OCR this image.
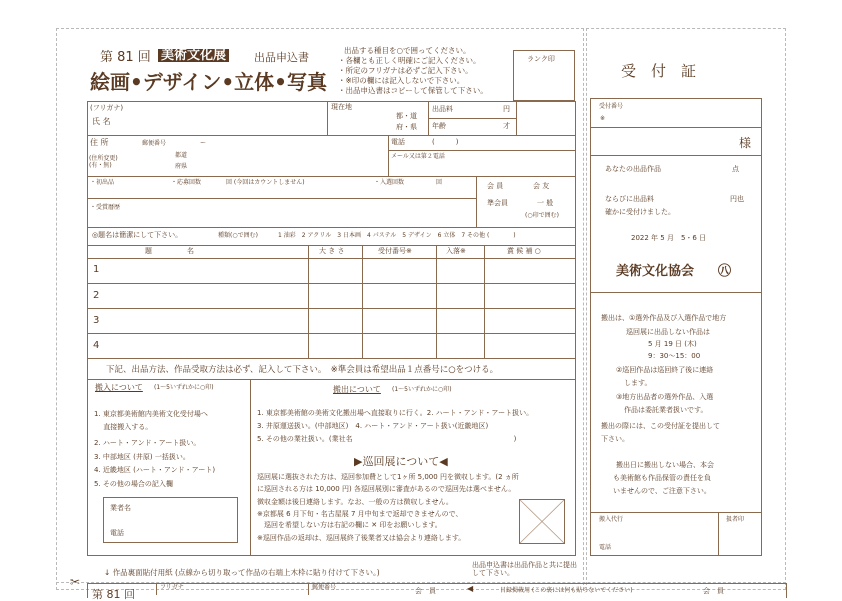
第 81 回 美術文化展	出品申込書
絵画•デザイン•立体•写真
出品する種目を○で囲ってください。
・各欄とも正しく明確にご記入ください。
・所定のフリガナは必ずご記入下さい。
・※印の欄には記入しないで下さい。
・出品申込書はコピーして保管して下さい。
ランク印
(フリガナ)
氏 名
現在地
都・道
府・県
出品料	円
年齢	才
住 所	郵便番号	ー
(住所変更)
(有・無)
都道
府県
電話	(　　　)
メール又は第２電話
・初出品	・応募回数	回 (今回はカウントしません)	・入選回数	回	会 員	会 友
準会員	一 般
(○印で囲む)
・受賞暦歴
◎題名は簡潔にして下さい。	種類(○で囲む)	1 油彩　2 アクリル　3 日本画　4 パステル　5 デザイン　6 立体　7 その他 (　　　　)
題　　　　　名	大 き さ	受付番号※	入落※	賞 候 補 ○
1
2
3
4
下記、出品方法、作品受取方法は必ず、記入して下さい。　※準会員は希望出品１点番号に○をつける。
搬入について (1〜5いずれかに○印)
1. 東京都美術館内美術文化受付場へ
　 直接搬入する。
2. ハート・アンド・アート扱い。
3. 中部地区 (井原) 一括扱い。
4. 近畿地区 (ハート・アンド・アート)
5. その他の場合の記入欄
業者名
電話
搬出について (1〜5いずれかに○印)
1. 東京都美術館の美術文化搬出場へ直接取りに行く。2. ハート・アンド・アート扱い。
3. 井原運送扱い。(中部地区)　4. ハート・アンド・アート扱い(近畿地区)
5. その他の業社扱い。(業社名　　　　　　　　　　　　　　　　　　　　　　　)
▶巡回展について◀
巡回展に選抜された方は、巡回参加費として1ヶ所 5,000 円を徴収します。(2 ヵ所
に巡回される方は 10,000 円) 各巡回展別に審査があるので巡回先は選べません。
徴収金額は後日連絡します。なお、一般の方は徴収しません。
※京都展 6 月下旬・名古屋展 7 月中旬まで返却できませんので、
　巡回を希望しない方は右記の欄に ✕ 印をお願いします。
※巡回作品の返却は、巡回展終了後業者又は協会より連絡します。
↓ 作品裏面貼付用紙 (点線から切り取って作品の右端上木枠に貼り付けて下さい。)
出品申込書は出品作品と共に提出して下さい。
✂
第 81 回
フリガナ	郵便番号	会　員	◀	目録掲載用 (この裏には何も貼らないでください)	会　員
受　付　証
受付番号
※
様
あなたの出品作品	点
ならびに出品料	円也
確かに受付けました。
2022 年 5 月　5・6 日
美術文化協会 ㊇
搬出は、①選外作品及び入選作品で地方
巡回展に出品しない作品は
5 月 19 日 (木)
9：30〜15：00
②巡回作品は巡回終了後に連絡
します。
③地方出品者の選外作品、入選
作品は委託業者扱いです。
搬出の際には、この受付証を提出して
下さい。
搬出日に搬出しない場合、本会
も美術館も作品保管の責任を負
いませんので、ご注意下さい。
搬入代行	扱者印
電話
